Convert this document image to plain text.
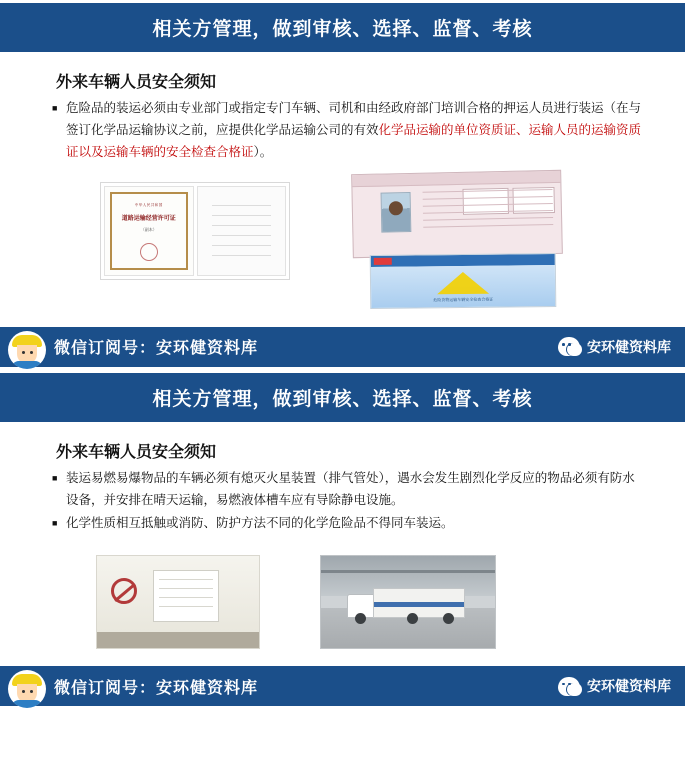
相关方管理，做到审核、选择、监督、考核
外来车辆人员安全须知
■ 危险品的装运必须由专业部门或指定专门车辆、司机和由经政府部门培训合格的押运人员进行装运（在与签订化学品运输协议之前，应提供化学品运输公司的有效化学品运输的单位资质证、运输人员的运输资质证以及运输车辆的安全检查合格证）。
中华人民共和国
道路运输经营许可证
（副本）
危险货物运输车辆安全检查合格证
微信订阅号：安环健资料库	安环健资料库
相关方管理，做到审核、选择、监督、考核
外来车辆人员安全须知
■ 装运易燃易爆物品的车辆必须有熄灭火星装置（排气管处），遇水会发生剧烈化学反应的物品必须有防水设备，并安排在晴天运输，易燃液体槽车应有导除静电设施。
■ 化学性质相互抵触或消防、防护方法不同的化学危险品不得同车装运。
微信订阅号：安环健资料库	安环健资料库
